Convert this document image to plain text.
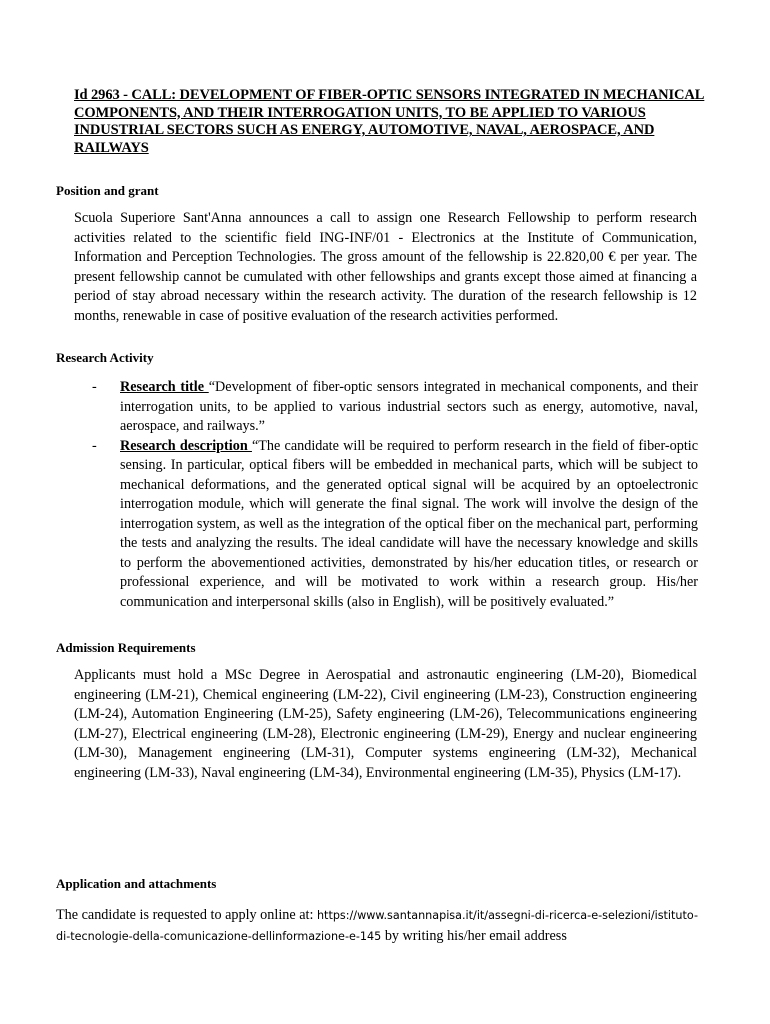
Id 2963 - CALL: DEVELOPMENT OF FIBER-OPTIC SENSORS INTEGRATED IN MECHANICAL COMPONENTS, AND THEIR INTERROGATION UNITS, TO BE APPLIED TO VARIOUS INDUSTRIAL SECTORS SUCH AS ENERGY, AUTOMOTIVE, NAVAL, AEROSPACE, AND RAILWAYS
Position and grant
Scuola Superiore Sant'Anna announces a call to assign one Research Fellowship to perform research activities related to the scientific field ING-INF/01 - Electronics at the Institute of Communication, Information and Perception Technologies. The gross amount of the fellowship is 22.820,00 € per year. The present fellowship cannot be cumulated with other fellowships and grants except those aimed at financing a period of stay abroad necessary within the research activity. The duration of the research fellowship is 12 months, renewable in case of positive evaluation of the research activities performed.
Research Activity
-	Research title “Development of fiber-optic sensors integrated in mechanical components, and their interrogation units, to be applied to various industrial sectors such as energy, automotive, naval, aerospace, and railways.”
-	Research description “The candidate will be required to perform research in the field of fiber-optic sensing. In particular, optical fibers will be embedded in mechanical parts, which will be subject to mechanical deformations, and the generated optical signal will be acquired by an optoelectronic interrogation module, which will generate the final signal. The work will involve the design of the interrogation system, as well as the integration of the optical fiber on the mechanical part, performing the tests and analyzing the results. The ideal candidate will have the necessary knowledge and skills to perform the abovementioned activities, demonstrated by his/her education titles, or research or professional experience, and will be motivated to work within a research group. His/her communication and interpersonal skills (also in English), will be positively evaluated.”
Admission Requirements
Applicants must hold a MSc Degree in Aerospatial and astronautic engineering (LM-20), Biomedical engineering (LM-21), Chemical engineering (LM-22), Civil engineering (LM-23), Construction engineering (LM-24), Automation Engineering (LM-25), Safety engineering (LM-26), Telecommunications engineering (LM-27), Electrical engineering (LM-28), Electronic engineering (LM-29), Energy and nuclear engineering (LM-30), Management engineering (LM-31), Computer systems engineering (LM-32), Mechanical engineering (LM-33), Naval engineering (LM-34), Environmental engineering (LM-35), Physics (LM-17).
Application and attachments
The candidate is requested to apply online at: https://www.santannapisa.it/it/assegni-di-ricerca-e-selezioni/istituto-di-tecnologie-della-comunicazione-dellinformazione-e-145 by writing his/her email address
